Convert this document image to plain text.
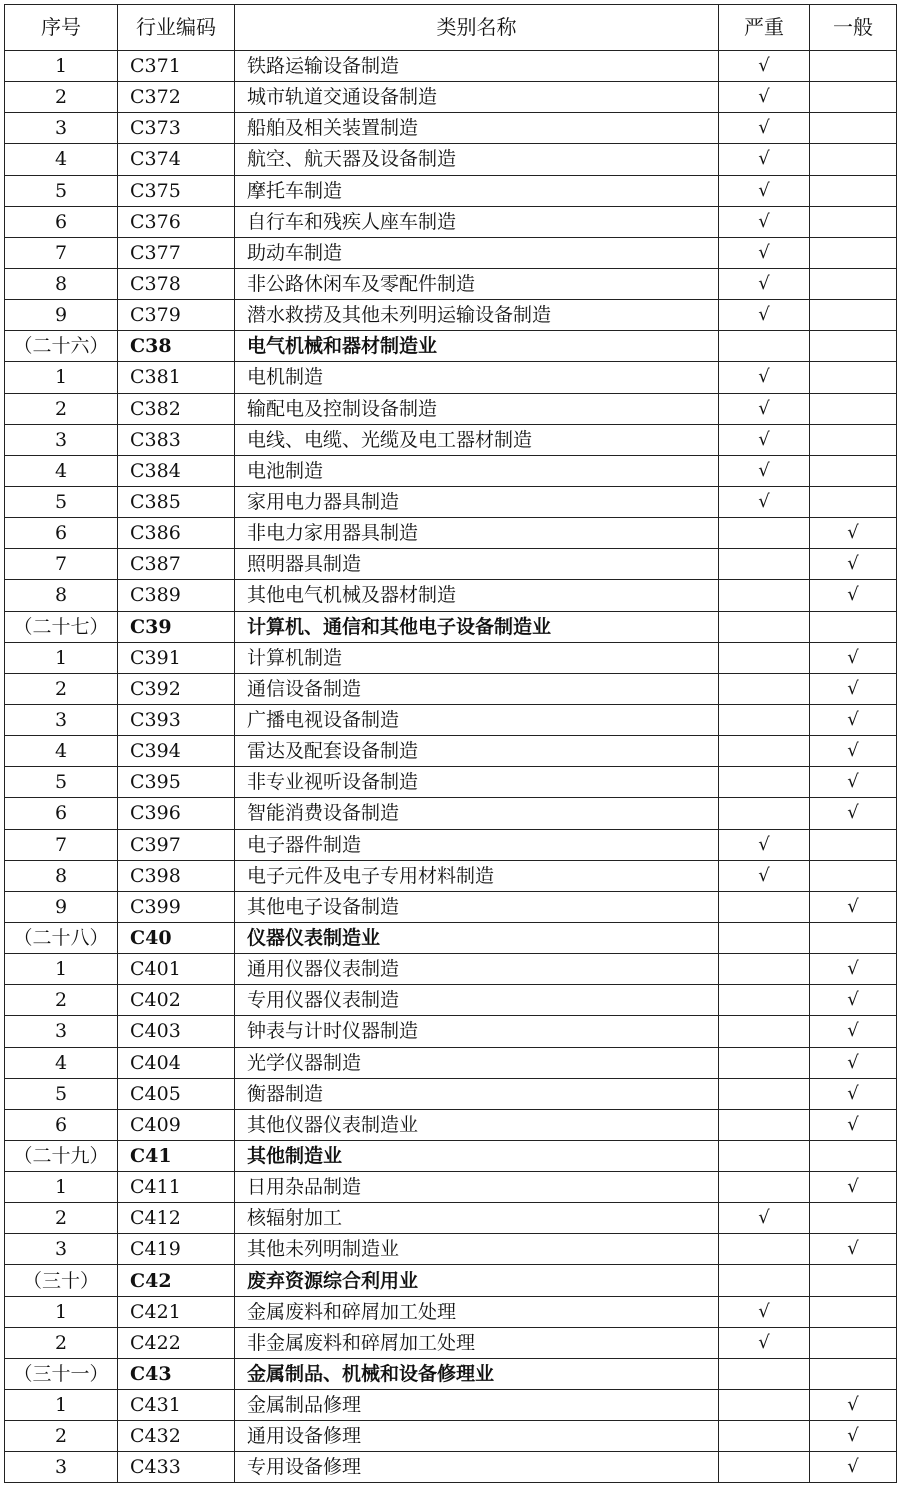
序号	行业编码	类别名称	严重	一般
1	C371	铁路运输设备制造	√	
2	C372	城市轨道交通设备制造	√	
3	C373	船舶及相关装置制造	√	
4	C374	航空、航天器及设备制造	√	
5	C375	摩托车制造	√	
6	C376	自行车和残疾人座车制造	√	
7	C377	助动车制造	√	
8	C378	非公路休闲车及零配件制造	√	
9	C379	潜水救捞及其他未列明运输设备制造	√	
（二十六）	C38	电气机械和器材制造业		
1	C381	电机制造	√	
2	C382	输配电及控制设备制造	√	
3	C383	电线、电缆、光缆及电工器材制造	√	
4	C384	电池制造	√	
5	C385	家用电力器具制造	√	
6	C386	非电力家用器具制造		√
7	C387	照明器具制造		√
8	C389	其他电气机械及器材制造		√
（二十七）	C39	计算机、通信和其他电子设备制造业		
1	C391	计算机制造		√
2	C392	通信设备制造		√
3	C393	广播电视设备制造		√
4	C394	雷达及配套设备制造		√
5	C395	非专业视听设备制造		√
6	C396	智能消费设备制造		√
7	C397	电子器件制造	√	
8	C398	电子元件及电子专用材料制造	√	
9	C399	其他电子设备制造		√
（二十八）	C40	仪器仪表制造业		
1	C401	通用仪器仪表制造		√
2	C402	专用仪器仪表制造		√
3	C403	钟表与计时仪器制造		√
4	C404	光学仪器制造		√
5	C405	衡器制造		√
6	C409	其他仪器仪表制造业		√
（二十九）	C41	其他制造业		
1	C411	日用杂品制造		√
2	C412	核辐射加工	√	
3	C419	其他未列明制造业		√
（三十）	C42	废弃资源综合利用业		
1	C421	金属废料和碎屑加工处理	√	
2	C422	非金属废料和碎屑加工处理	√	
（三十一）	C43	金属制品、机械和设备修理业		
1	C431	金属制品修理		√
2	C432	通用设备修理		√
3	C433	专用设备修理		√
